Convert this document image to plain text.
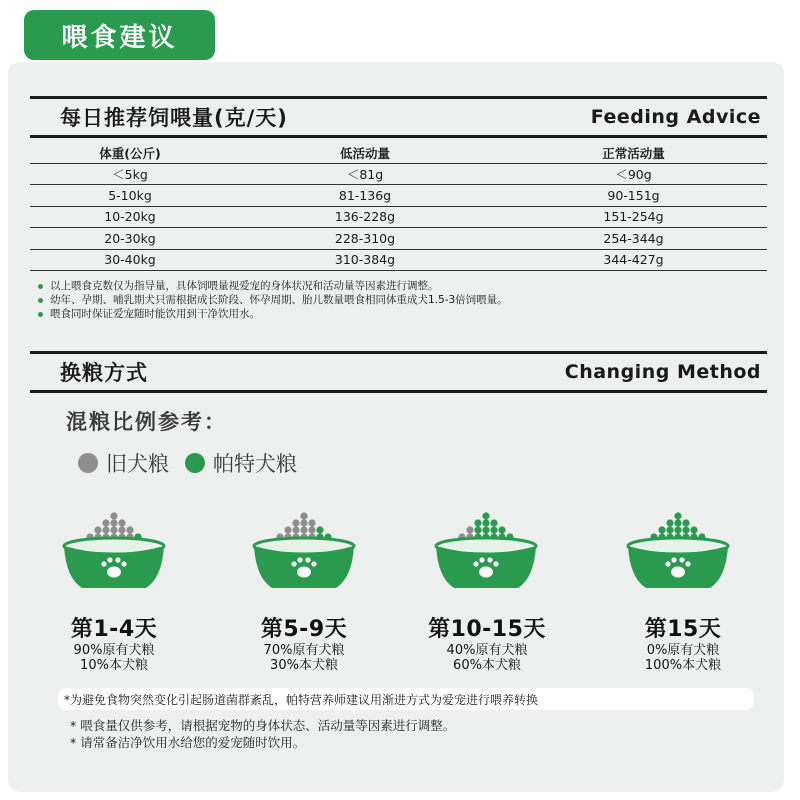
喂食建议
每日推荐饲喂量(克/天)	Feeding Advice
体重(公斤)	低活动量	正常活动量
＜5kg	＜81g	＜90g
5-10kg	81-136g	90-151g
10-20kg	136-228g	151-254g
20-30kg	228-310g	254-344g
30-40kg	310-384g	344-427g
以上喂食克数仅为指导量，具体饲喂量视爱宠的身体状况和活动量等因素进行调整。
幼年、孕期、哺乳期犬只需根据成长阶段、怀孕周期、胎儿数量喂食相同体重成犬1.5-3倍饲喂量。
喂食同时保证爱宠随时能饮用到干净饮用水。
换粮方式	Changing Method
混粮比例参考：
旧犬粮 帕特犬粮
第1-4天
90%原有犬粮
10%本犬粮
第5-9天
70%原有犬粮
30%本犬粮
第10-15天
40%原有犬粮
60%本犬粮
第15天
0%原有犬粮
100%本犬粮
*为避免食物突然变化引起肠道菌群紊乱，帕特营养师建议用渐进方式为爱宠进行喂养转换
* 喂食量仅供参考，请根据宠物的身体状态、活动量等因素进行调整。
* 请常备洁净饮用水给您的爱宠随时饮用。
